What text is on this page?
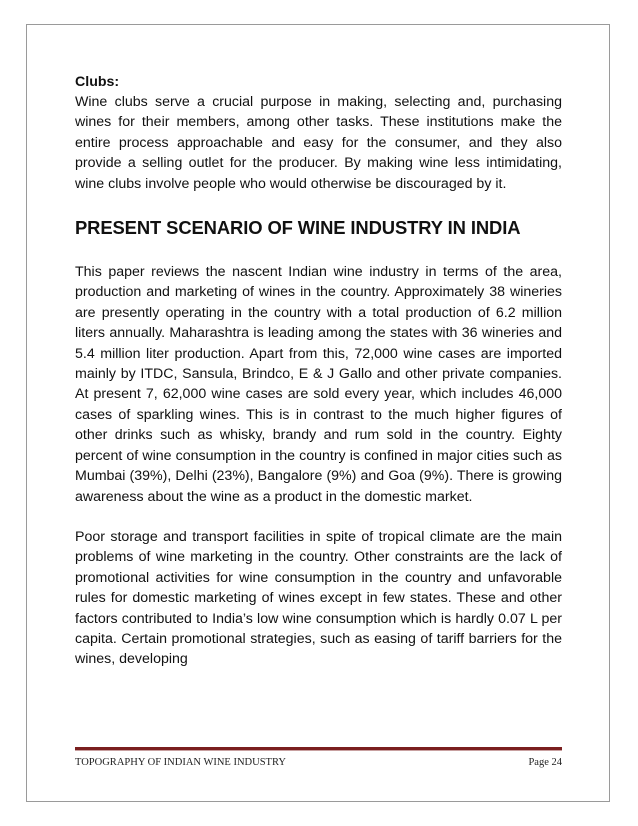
Clubs:

Wine clubs serve a crucial purpose in making, selecting and, purchasing wines for their members, among other tasks. These institutions make the entire process approachable and easy for the consumer, and they also provide a selling outlet for the producer. By making wine less intimidating, wine clubs involve people who would otherwise be discouraged by it.

PRESENT SCENARIO OF WINE INDUSTRY IN INDIA

This paper reviews the nascent Indian wine industry in terms of the area, production and marketing of wines in the country. Approximately 38 wineries are presently operating in the country with a total production of 6.2 million liters annually. Maharashtra is leading among the states with 36 wineries and 5.4 million liter production. Apart from this, 72,000 wine cases are imported mainly by ITDC, Sansula, Brindco, E & J Gallo and other private companies. At present 7, 62,000 wine cases are sold every year, which includes 46,000 cases of sparkling wines. This is in contrast to the much higher figures of other drinks such as whisky, brandy and rum sold in the country. Eighty percent of wine consumption in the country is confined in major cities such as Mumbai (39%), Delhi (23%), Bangalore (9%) and Goa (9%). There is growing awareness about the wine as a product in the domestic market.

Poor storage and transport facilities in spite of tropical climate are the main problems of wine marketing in the country. Other constraints are the lack of promotional activities for wine consumption in the country and unfavorable rules for domestic marketing of wines except in few states. These and other factors contributed to India’s low wine consumption which is hardly 0.07 L per capita. Certain promotional strategies, such as easing of tariff barriers for the wines, developing

TOPOGRAPHY OF INDIAN WINE INDUSTRY	Page 24
